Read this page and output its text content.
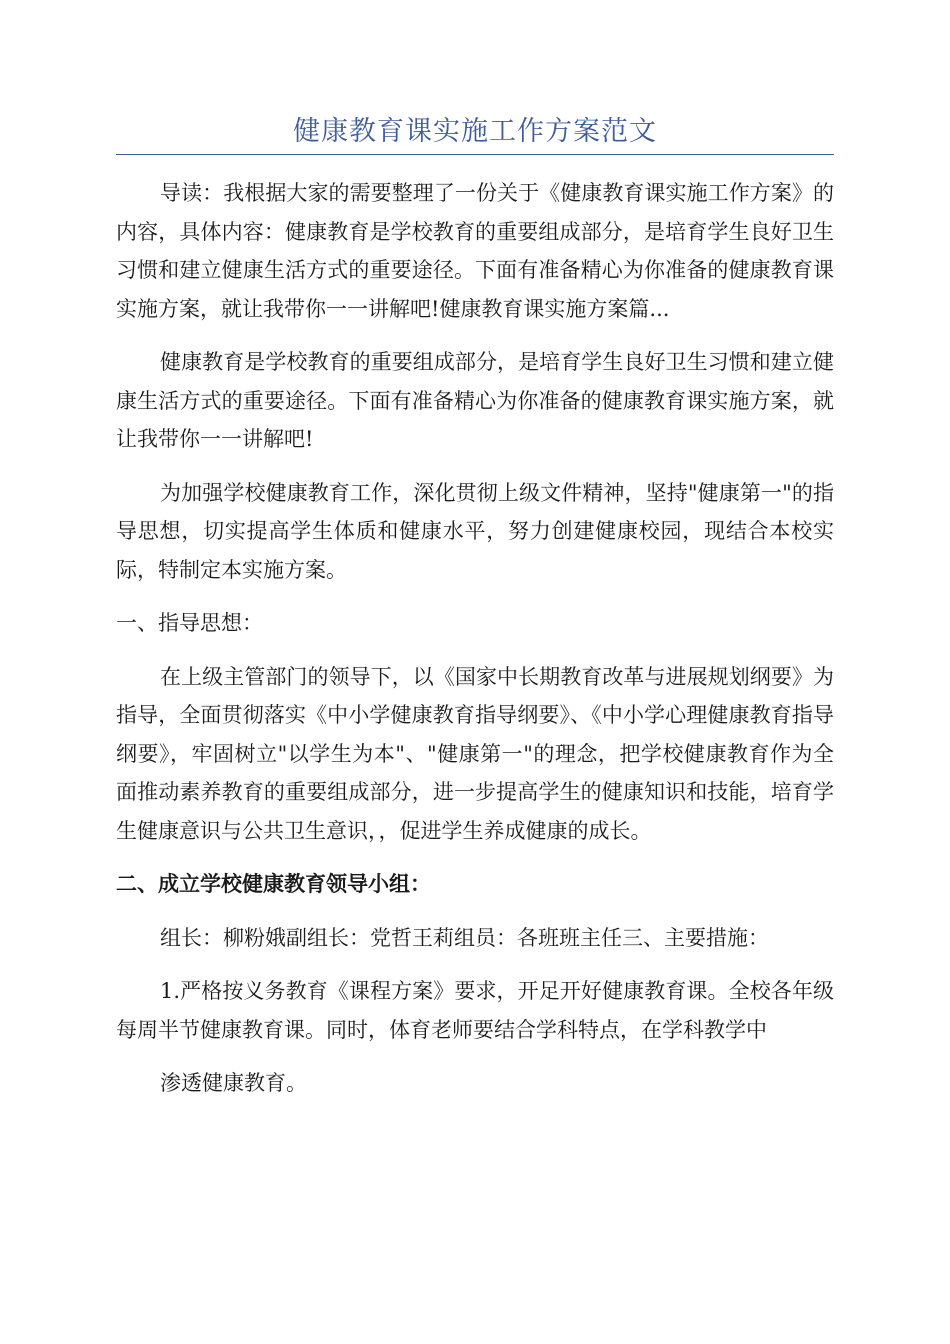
健康教育课实施工作方案范文

导读：我根据大家的需要整理了一份关于《健康教育课实施工作方案》的内容，具体内容：健康教育是学校教育的重要组成部分，是培育学生良好卫生习惯和建立健康生活方式的重要途径。下面有准备精心为你准备的健康教育课实施方案，就让我带你一一讲解吧!健康教育课实施方案篇...

健康教育是学校教育的重要组成部分，是培育学生良好卫生习惯和建立健康生活方式的重要途径。下面有准备精心为你准备的健康教育课实施方案，就让我带你一一讲解吧!

为加强学校健康教育工作，深化贯彻上级文件精神，坚持"健康第一"的指导思想，切实提高学生体质和健康水平，努力创建健康校园，现结合本校实际，特制定本实施方案。

一、指导思想：

在上级主管部门的领导下，以《国家中长期教育改革与进展规划纲要》为指导，全面贯彻落实《中小学健康教育指导纲要》、《中小学心理健康教育指导纲要》，牢固树立"以学生为本"、"健康第一"的理念，把学校健康教育作为全面推动素养教育的重要组成部分，进一步提高学生的健康知识和技能，培育学生健康意识与公共卫生意识，，促进学生养成健康的成长。

二、成立学校健康教育领导小组：

组长：柳粉娥副组长：党哲王莉组员：各班班主任三、主要措施：

1.严格按义务教育《课程方案》要求，开足开好健康教育课。全校各年级每周半节健康教育课。同时，体育老师要结合学科特点，在学科教学中

渗透健康教育。
